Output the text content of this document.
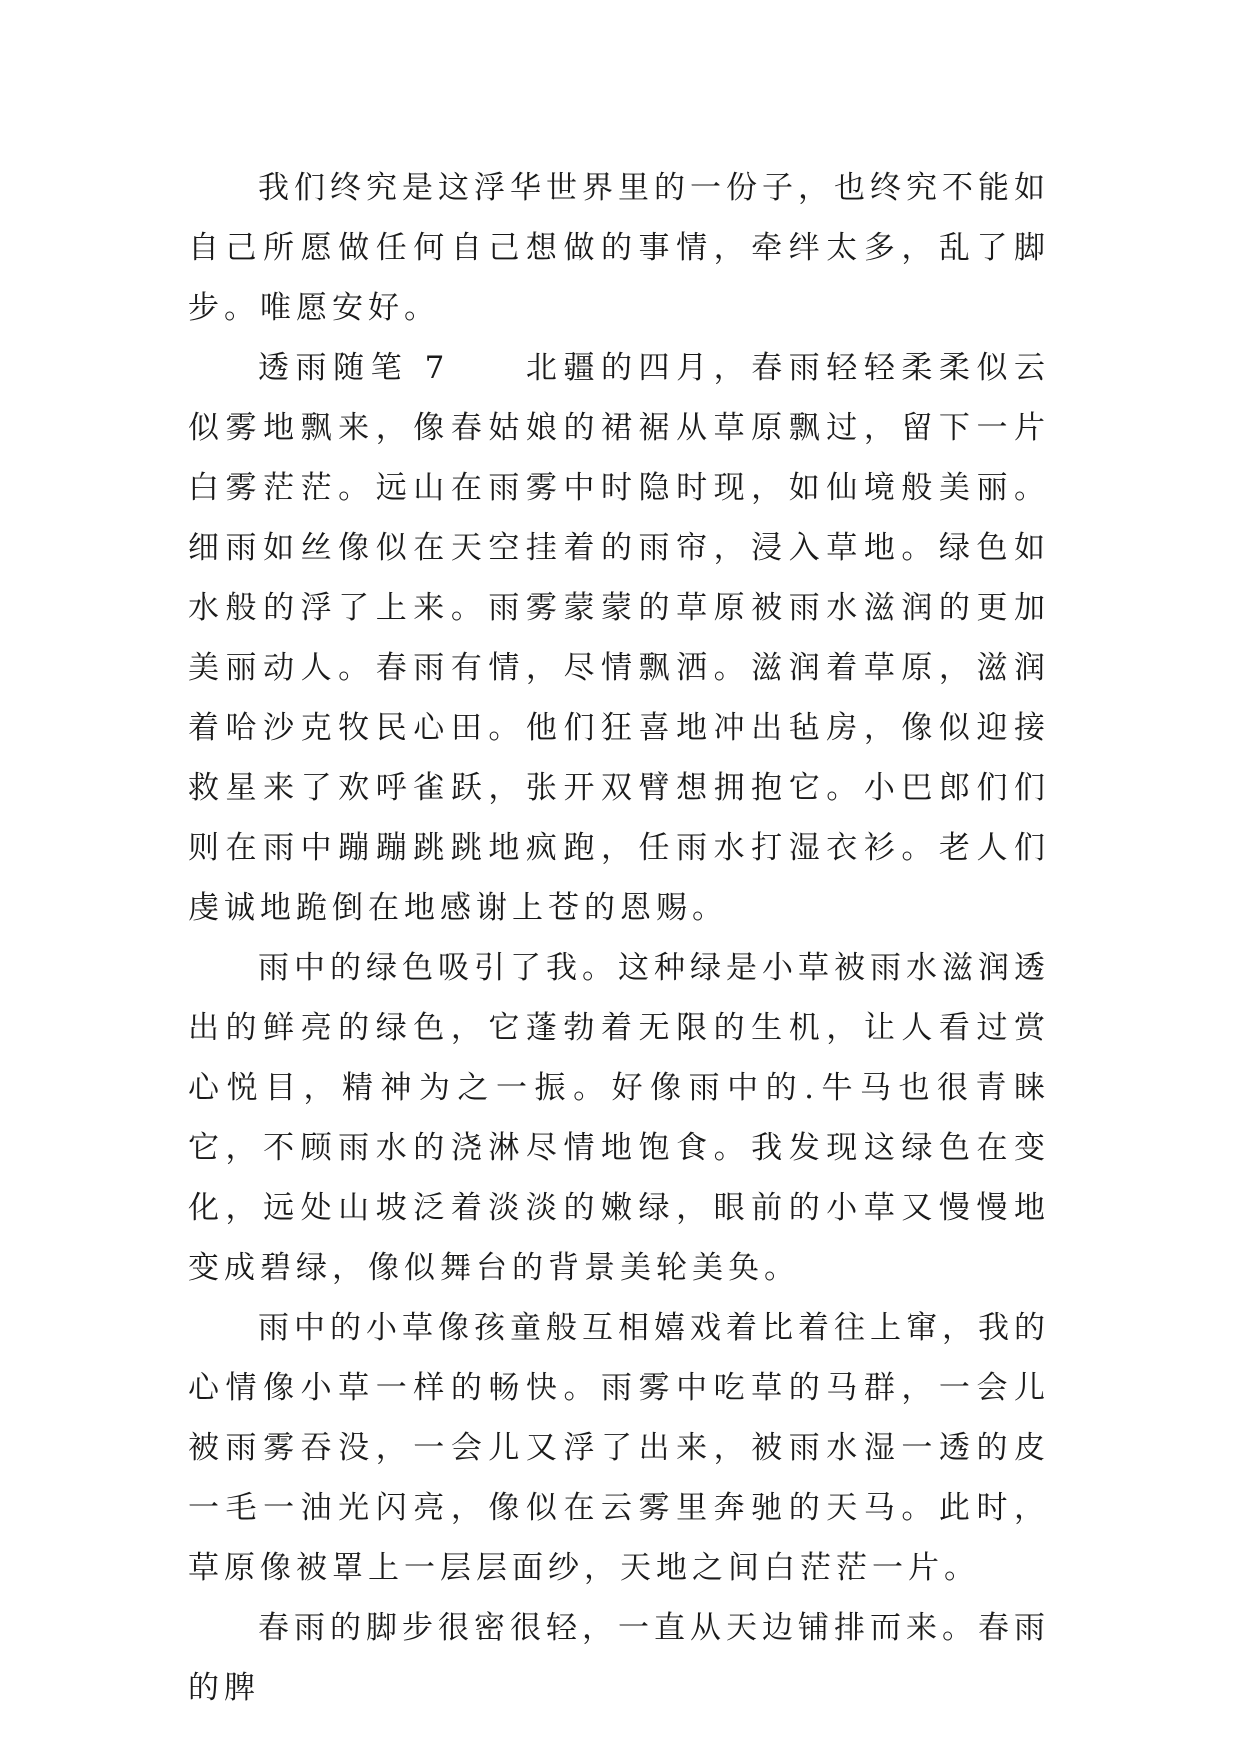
我们终究是这浮华世界里的一份子，也终究不能如自己所愿做任何自己想做的事情，牵绊太多，乱了脚步。唯愿安好。

透雨随笔 7　　北疆的四月，春雨轻轻柔柔似云似雾地飘来，像春姑娘的裙裾从草原飘过，留下一片白雾茫茫。远山在雨雾中时隐时现，如仙境般美丽。细雨如丝像似在天空挂着的雨帘，浸入草地。绿色如水般的浮了上来。雨雾蒙蒙的草原被雨水滋润的更加美丽动人。春雨有情，尽情飘洒。滋润着草原，滋润着哈沙克牧民心田。他们狂喜地冲出毡房，像似迎接救星来了欢呼雀跃，张开双臂想拥抱它。小巴郎们们则在雨中蹦蹦跳跳地疯跑，任雨水打湿衣衫。老人们虔诚地跪倒在地感谢上苍的恩赐。

雨中的绿色吸引了我。这种绿是小草被雨水滋润透出的鲜亮的绿色，它蓬勃着无限的生机，让人看过赏心悦目，精神为之一振。好像雨中的.牛马也很青睐它，不顾雨水的浇淋尽情地饱食。我发现这绿色在变化，远处山坡泛着淡淡的嫩绿，眼前的小草又慢慢地变成碧绿，像似舞台的背景美轮美奂。

雨中的小草像孩童般互相嬉戏着比着往上窜，我的心情像小草一样的畅快。雨雾中吃草的马群，一会儿被雨雾吞没，一会儿又浮了出来，被雨水湿一透的皮一毛一油光闪亮，像似在云雾里奔驰的天马。此时，草原像被罩上一层层面纱，天地之间白茫茫一片。

春雨的脚步很密很轻，一直从天边铺排而来。春雨的脾
